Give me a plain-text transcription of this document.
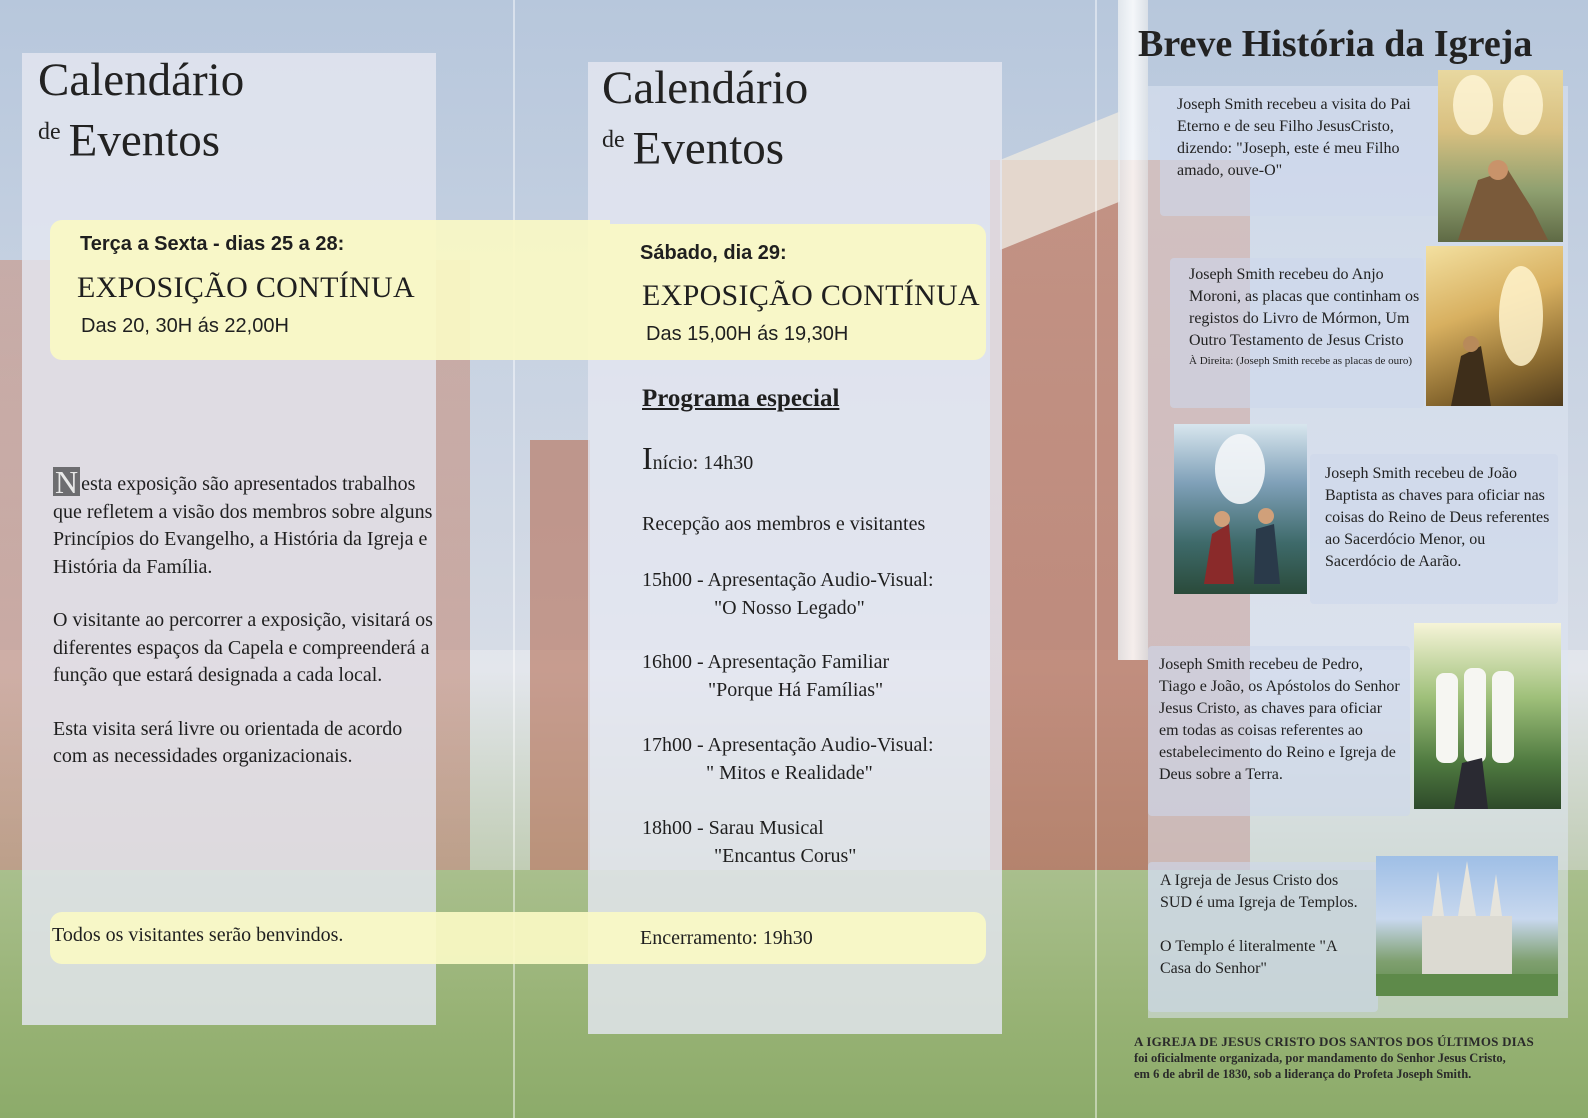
Calendário
$^{de}$ Eventos
Terça a Sexta - dias 25 a 28:
EXPOSIÇÃO CONTÍNUA
Das 20, 30H ás 22,00H

N esta exposição são apresentados trabalhos que refletem a visão dos membros sobre alguns Princípios do Evangelho, a História da Igreja e História da Família.

O visitante ao percorrer a exposição, visitará os diferentes espaços da Capela e compreenderá a função que estará designada a cada local.

Esta visita será livre ou orientada de acordo com as necessidades organizacionais.

Todos os visitantes serão benvindos.
Calendário
$^{de}$ Eventos
Sábado, dia 29:
EXPOSIÇÃO CONTÍNUA
Das 15,00H ás 19,30H
Programa especial
Início: 14h30
Recepção aos membros e visitantes
15h00 - Apresentação Audio-Visual:
"O Nosso Legado"
16h00 - Apresentação Familiar
"Porque Há Famílias"
17h00 - Apresentação Audio-Visual:
" Mitos e Realidade"
18h00 - Sarau Musical
"Encantus Corus"
Encerramento: 19h30
Breve História da Igreja
Joseph Smith recebeu a visita do Pai Eterno e de seu Filho JesusCristo, dizendo: "Joseph, este é meu Filho amado, ouve-O"
Joseph Smith recebeu do Anjo Moroni, as placas que continham os registos do Livro de Mórmon, Um Outro Testamento de Jesus Cristo
À Direita: (Joseph Smith recebe as placas de ouro)
Joseph Smith recebeu de João Baptista as chaves para oficiar nas coisas do Reino de Deus referentes ao Sacerdócio Menor, ou Sacerdócio de Aarão.
Joseph Smith recebeu de Pedro, Tiago e João, os Apóstolos do Senhor Jesus Cristo, as chaves para oficiar em todas as coisas referentes ao estabelecimento do Reino e Igreja de Deus sobre a Terra.
A Igreja de Jesus Cristo dos SUD é uma Igreja de Templos.
O Templo é literalmente "A Casa do Senhor"
A IGREJA DE JESUS CRISTO DOS SANTOS DOS ÚLTIMOS DIAS
foi oficialmente organizada, por mandamento do Senhor Jesus Cristo,
em 6 de abril de 1830, sob a liderança do Profeta Joseph Smith.
